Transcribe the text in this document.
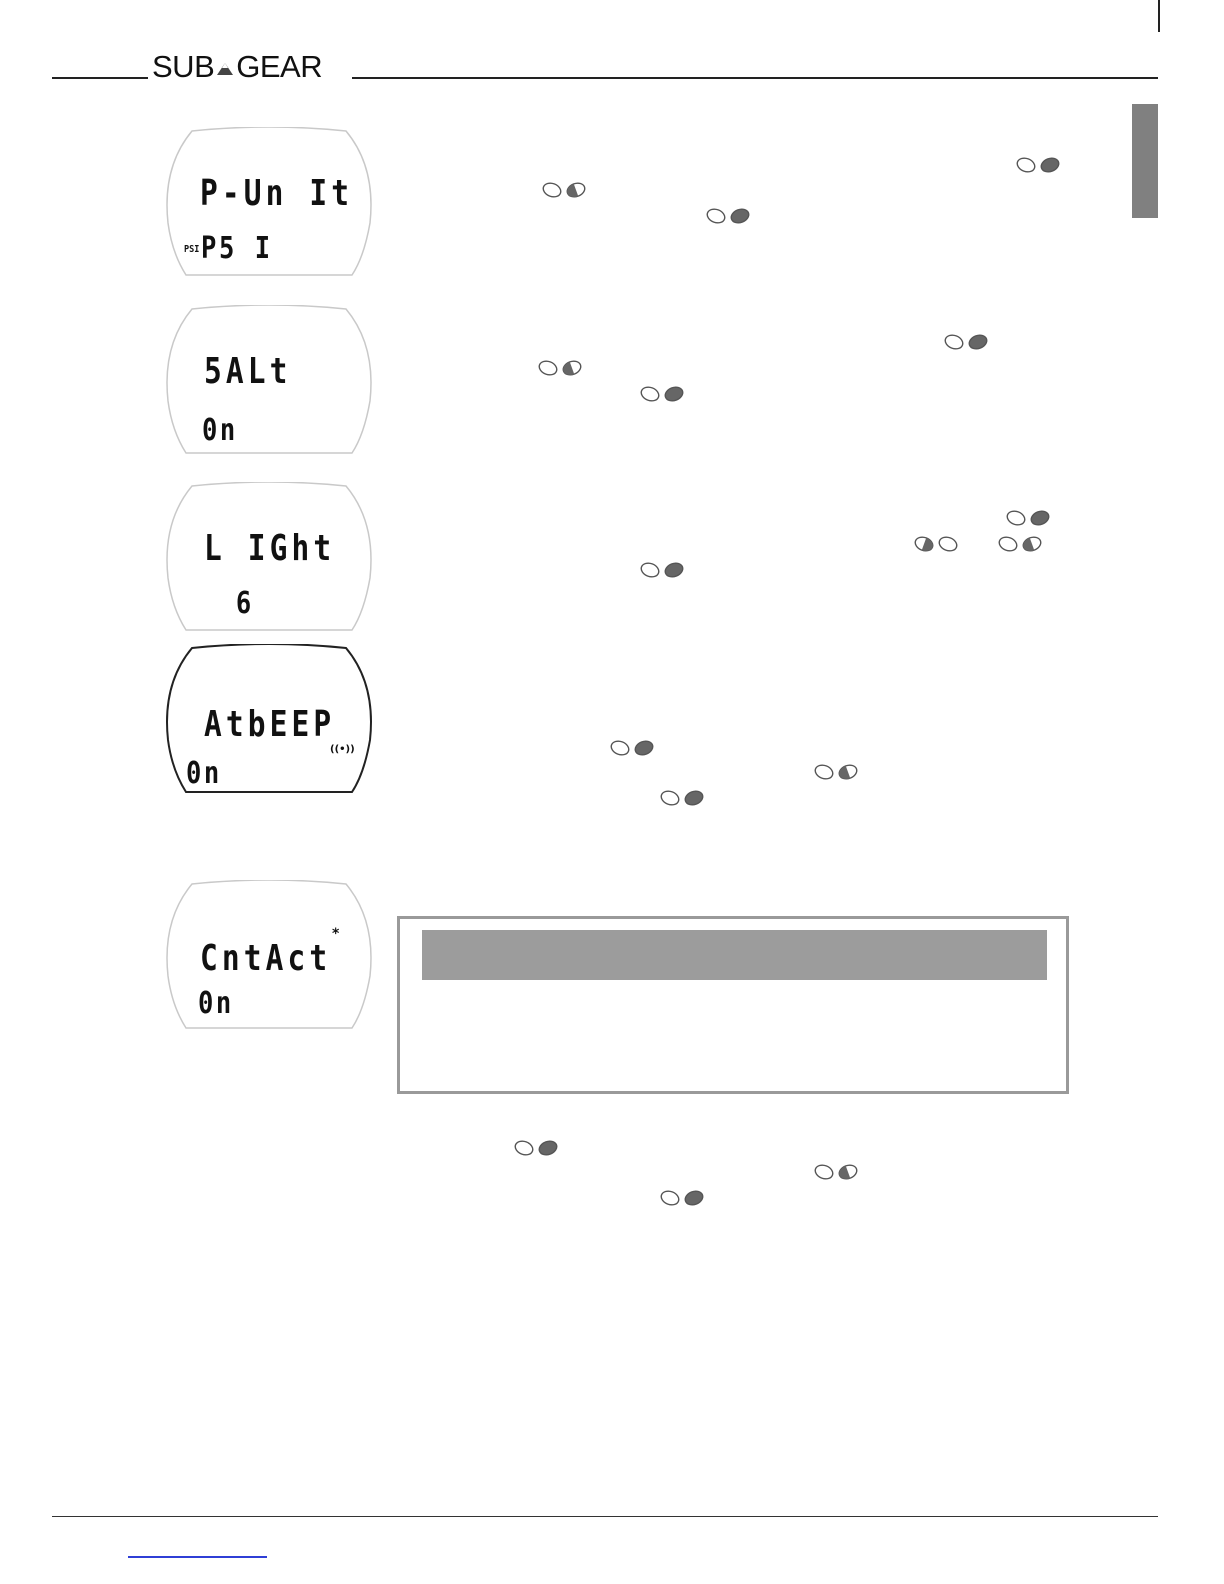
SUB GEAR
P-Un It
PSIP5 I
5ALt
0n
L IGht
6
AtbEEP
((•))
0n
CntAct
*
0n
